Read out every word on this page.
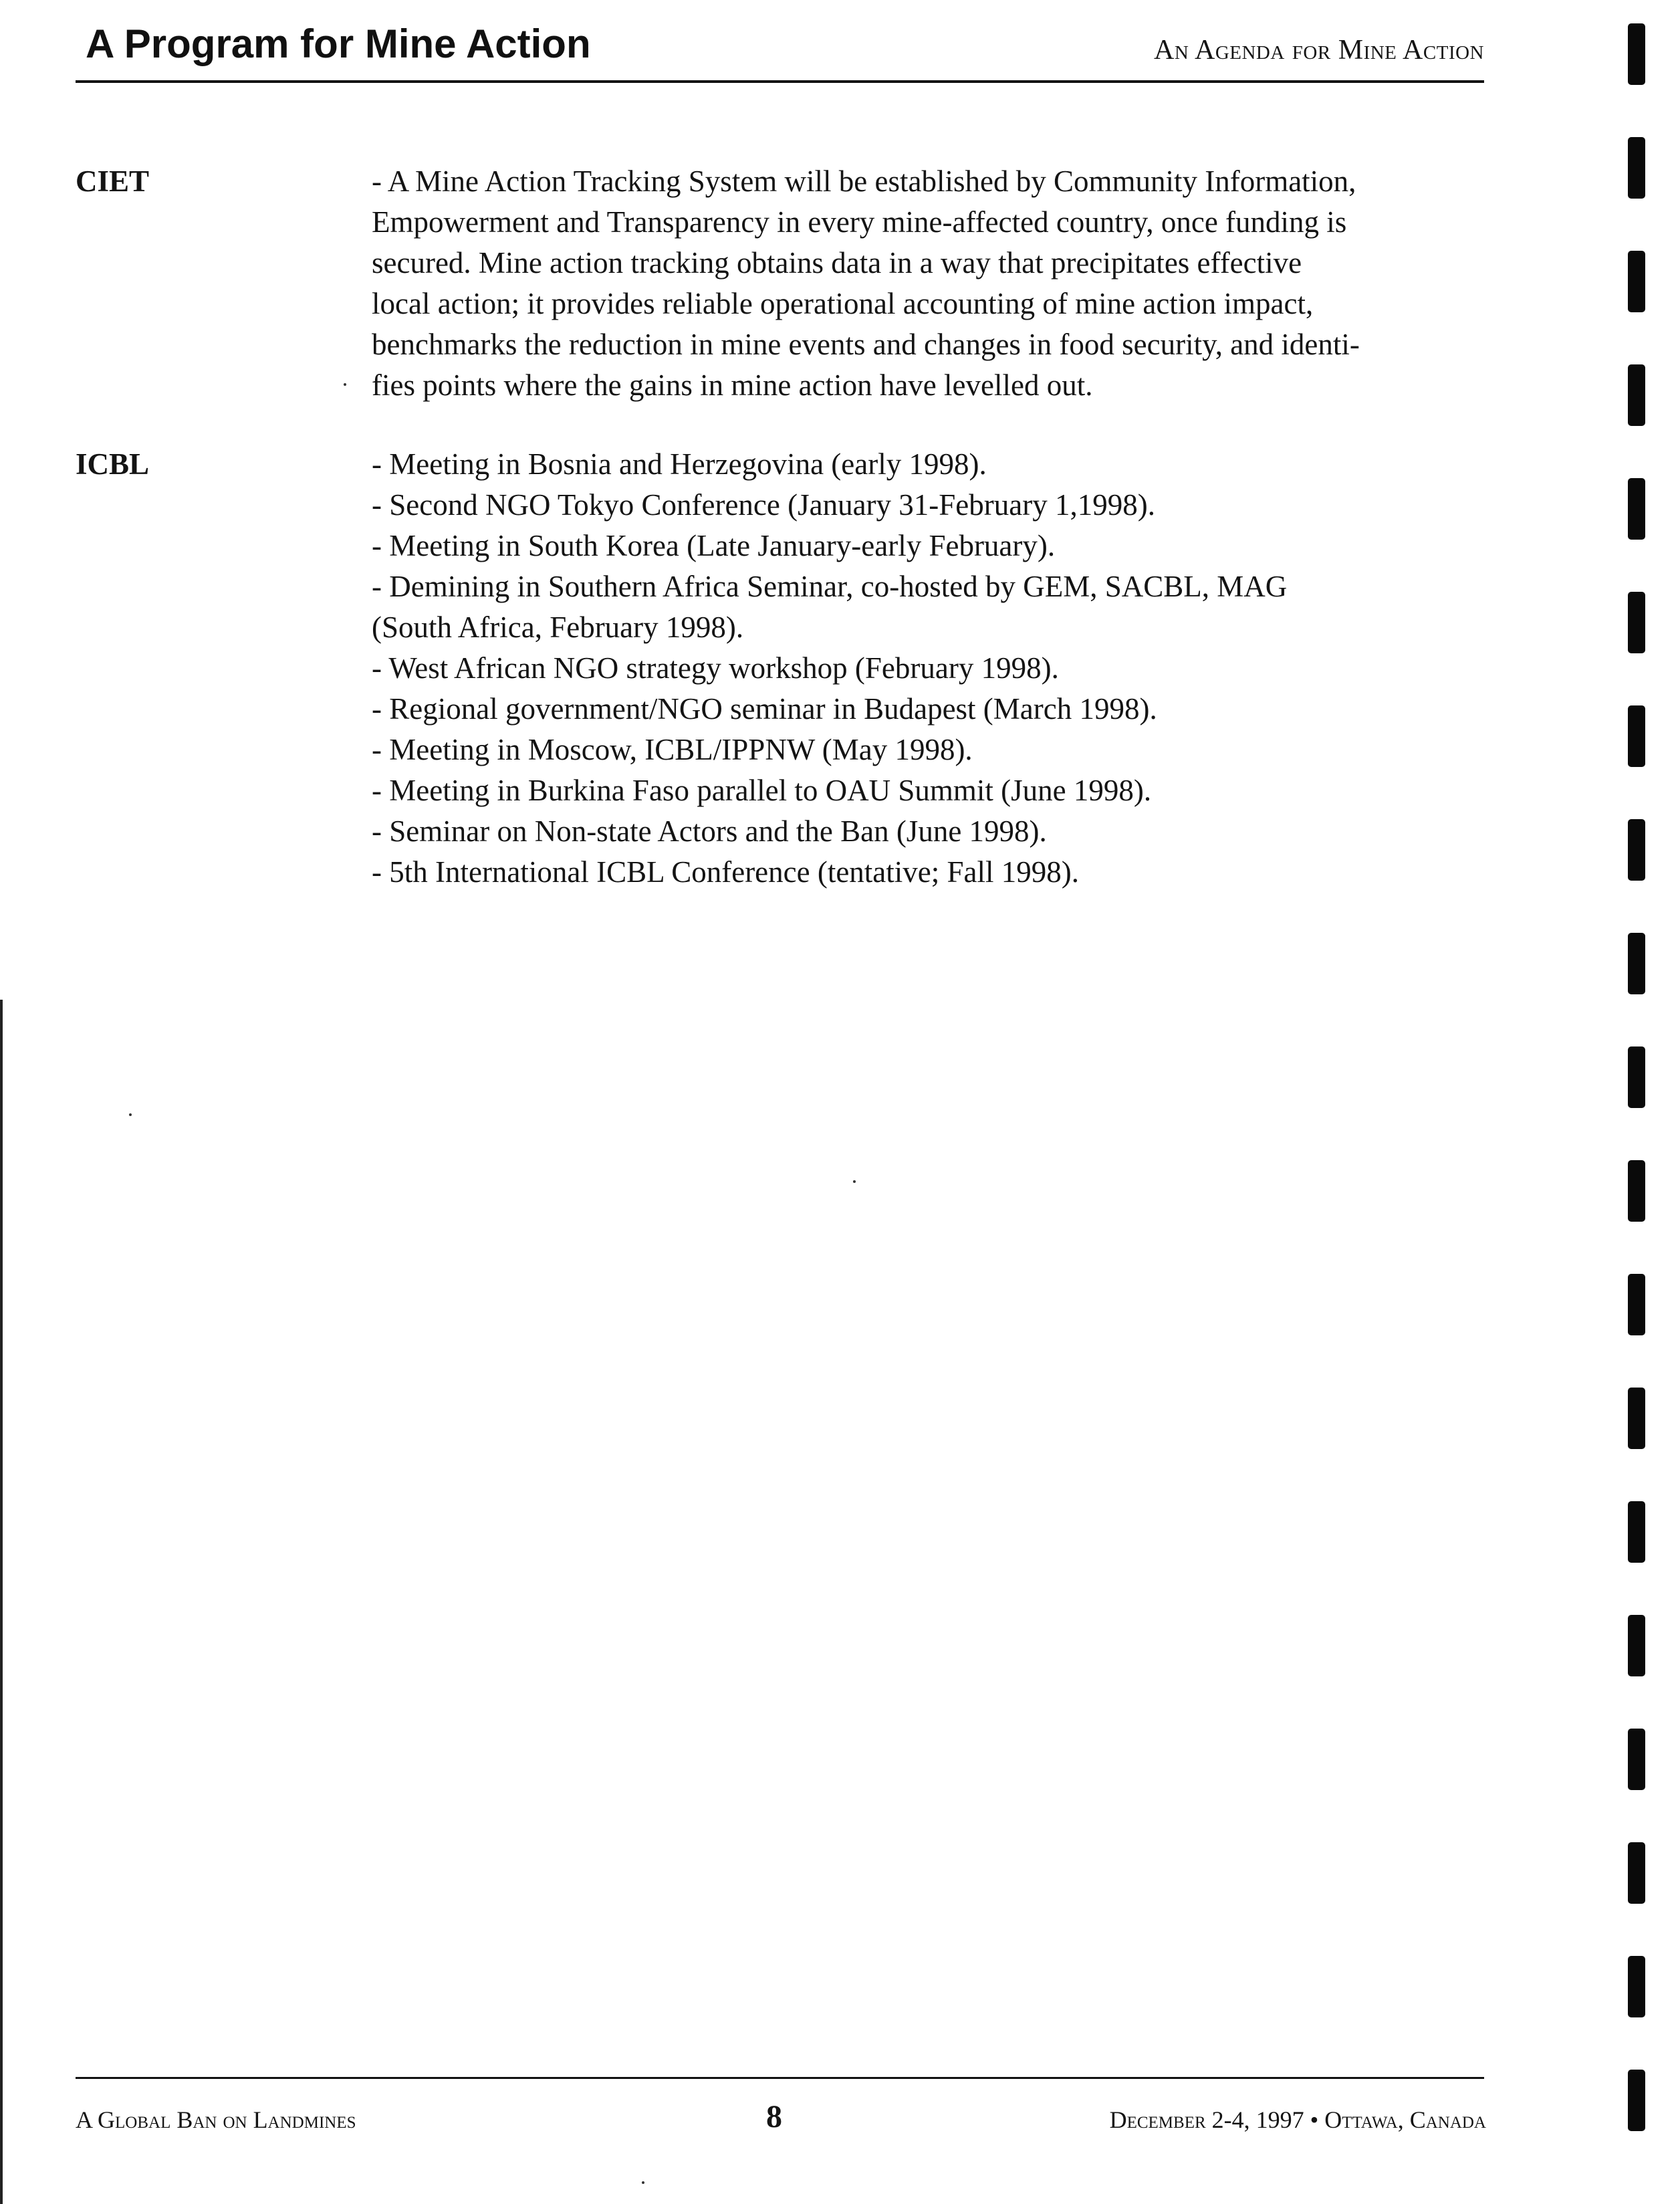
A Program for Mine Action	An Agenda for Mine Action
CIET	- A Mine Action Tracking System will be established by Community Information,
Empowerment and Transparency in every mine-affected country, once funding is
secured. Mine action tracking obtains data in a way that precipitates effective
local action; it provides reliable operational accounting of mine action impact,
benchmarks the reduction in mine events and changes in food security, and identi-
fies points where the gains in mine action have levelled out.
ICBL	- Meeting in Bosnia and Herzegovina (early 1998).
- Second NGO Tokyo Conference (January 31-February 1,1998).
- Meeting in South Korea (Late January-early February).
- Demining in Southern Africa Seminar, co-hosted by GEM, SACBL, MAG
(South Africa, February 1998).
- West African NGO strategy workshop (February 1998).
- Regional government/NGO seminar in Budapest (March 1998).
- Meeting in Moscow, ICBL/IPPNW (May 1998).
- Meeting in Burkina Faso parallel to OAU Summit (June 1998).
- Seminar on Non-state Actors and the Ban (June 1998).
- 5th International ICBL Conference (tentative; Fall 1998).
A Global Ban on Landmines	8	December 2-4, 1997 • Ottawa, Canada
